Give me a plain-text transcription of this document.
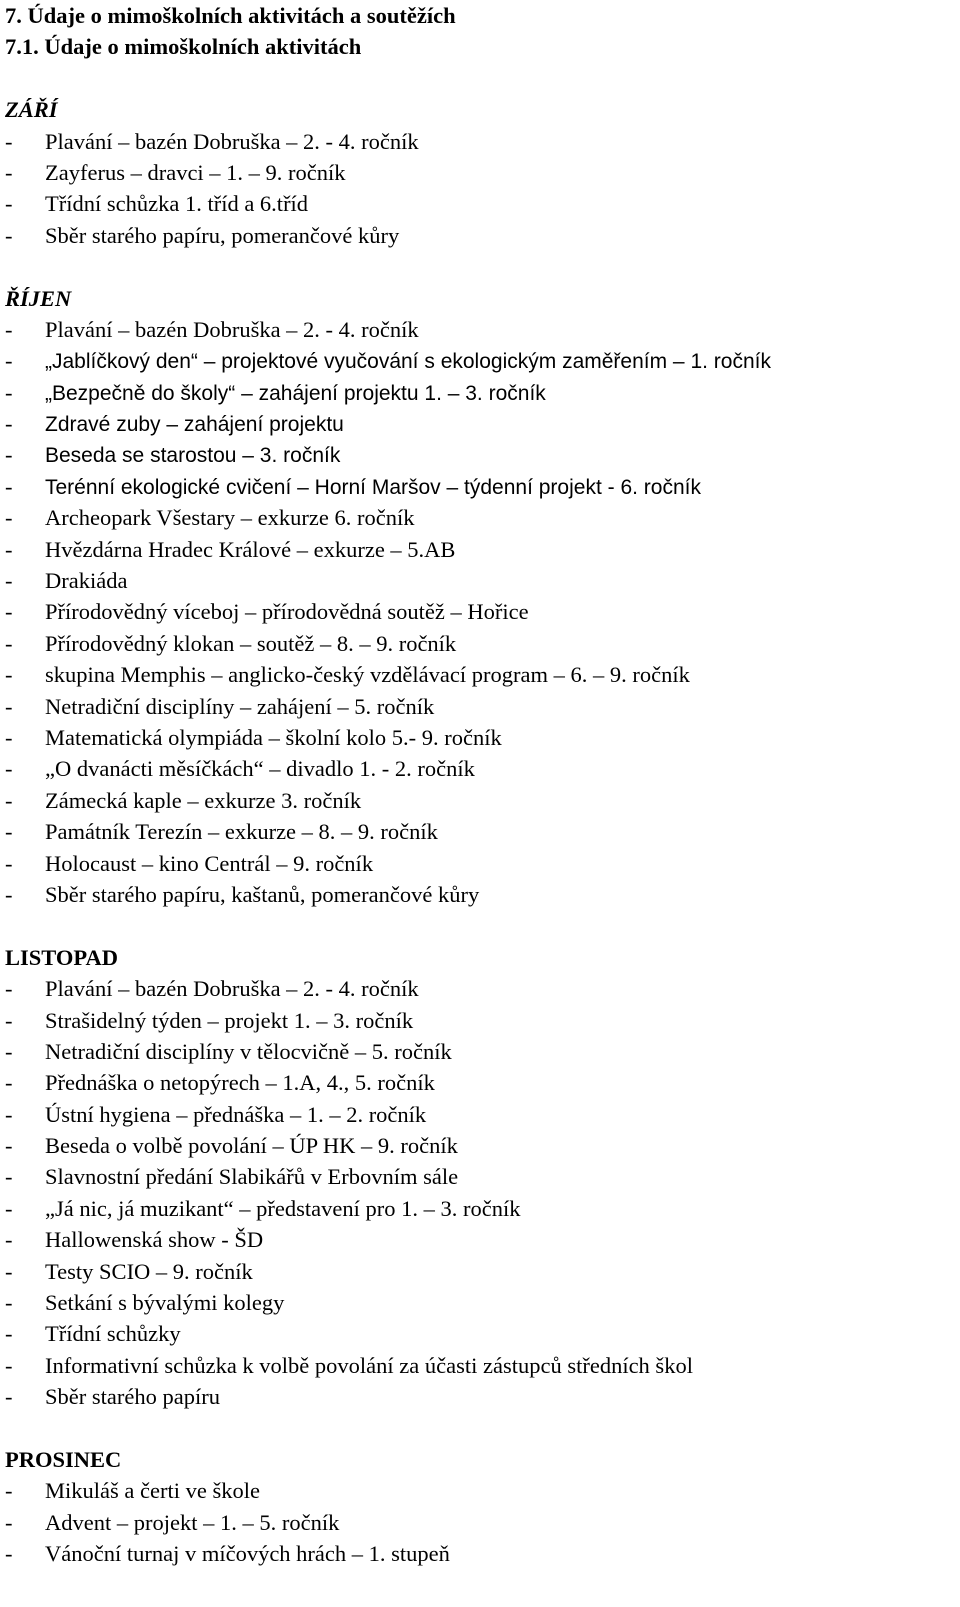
7. Údaje o mimoškolních aktivitách a soutěžích
7.1. Údaje o mimoškolních aktivitách
ZÁŘÍ
- Plavání – bazén Dobruška – 2. - 4. ročník
- Zayferus – dravci – 1. – 9. ročník
- Třídní schůzka 1. tříd a 6.tříd
- Sběr starého papíru, pomerančové kůry
ŘÍJEN
- Plavání – bazén Dobruška – 2. - 4. ročník
- „Jablíčkový den“ – projektové vyučování s ekologickým zaměřením – 1. ročník
- „Bezpečně do školy“ – zahájení projektu 1. – 3. ročník
- Zdravé zuby – zahájení projektu
- Beseda se starostou – 3. ročník
- Terénní ekologické cvičení – Horní Maršov – týdenní projekt - 6. ročník
- Archeopark Všestary – exkurze 6. ročník
- Hvězdárna Hradec Králové – exkurze – 5.AB
- Drakiáda
- Přírodovědný víceboj – přírodovědná soutěž – Hořice
- Přírodovědný klokan – soutěž – 8. – 9. ročník
- skupina Memphis – anglicko-český vzdělávací program – 6. – 9. ročník
- Netradiční disciplíny – zahájení – 5. ročník
- Matematická olympiáda – školní kolo 5.- 9. ročník
- „O dvanácti měsíčkách“ – divadlo 1. - 2. ročník
- Zámecká kaple – exkurze 3. ročník
- Památník Terezín – exkurze – 8. – 9. ročník
- Holocaust – kino Centrál – 9. ročník
- Sběr starého papíru, kaštanů, pomerančové kůry
LISTOPAD
- Plavání – bazén Dobruška – 2. - 4. ročník
- Strašidelný týden – projekt 1. – 3. ročník
- Netradiční disciplíny v tělocvičně – 5. ročník
- Přednáška o netopýrech – 1.A, 4., 5. ročník
- Ústní hygiena – přednáška – 1. – 2. ročník
- Beseda o volbě povolání – ÚP HK – 9. ročník
- Slavnostní předání Slabikářů v Erbovním sále
- „Já nic, já muzikant“ – představení pro 1. – 3. ročník
- Hallowenská show - ŠD
- Testy SCIO – 9. ročník
- Setkání s bývalými kolegy
- Třídní schůzky
- Informativní schůzka k volbě povolání za účasti zástupců středních škol
- Sběr starého papíru
PROSINEC
- Mikuláš a čerti ve škole
- Advent – projekt – 1. – 5. ročník
- Vánoční turnaj v míčových hrách – 1. stupeň
